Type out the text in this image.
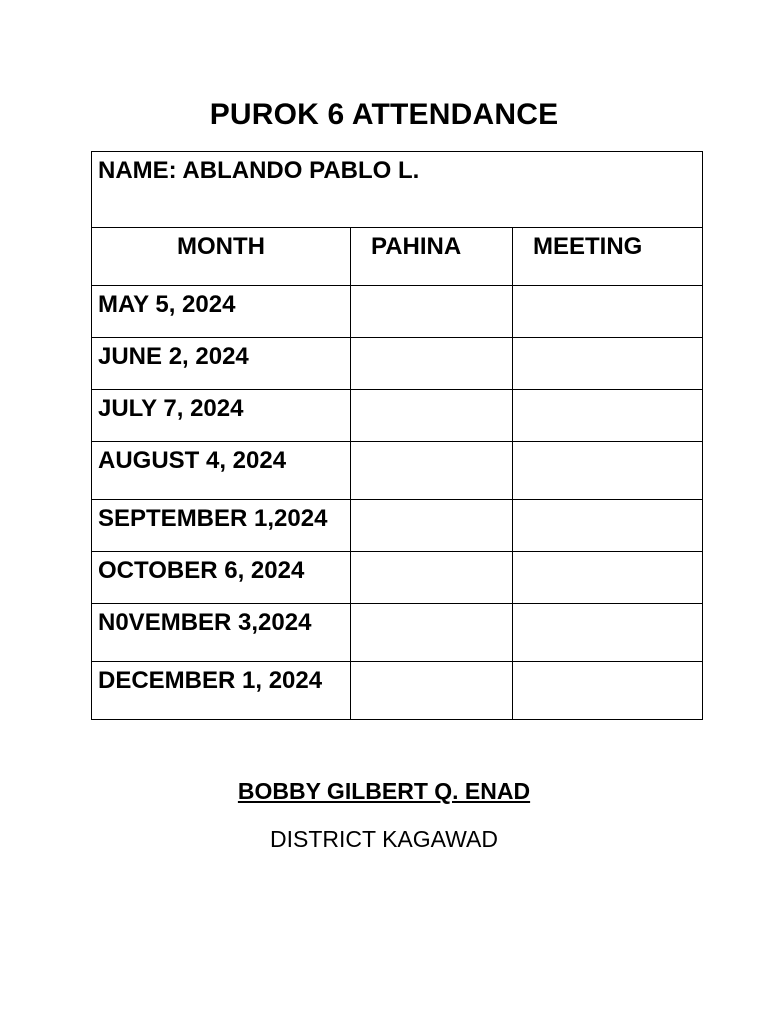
PUROK 6 ATTENDANCE
NAME: ABLANDO PABLO L.		
MONTH	PAHINA	MEETING
MAY 5, 2024		
JUNE 2, 2024		
JULY 7, 2024		
AUGUST 4, 2024		
SEPTEMBER 1,2024		
OCTOBER 6, 2024		
N0VEMBER 3,2024		
DECEMBER 1, 2024		
BOBBY GILBERT Q. ENAD
DISTRICT KAGAWAD
